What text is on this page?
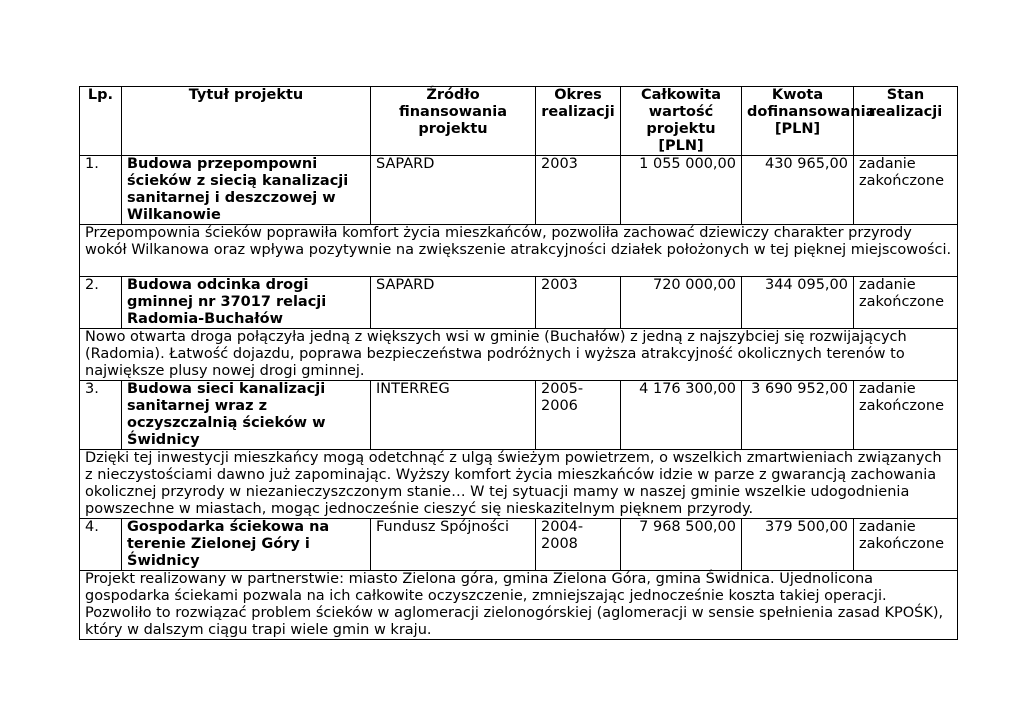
Lp.	Tytuł projektu	Źródło finansowania projektu	Okres realizacji	Całkowita wartość projektu [PLN]	Kwota dofinansowania [PLN]	Stan realizacji
1.	Budowa przepompowni ścieków z siecią kanalizacji sanitarnej i deszczowej w Wilkanowie	SAPARD	2003	1 055 000,00	430 965,00	zadanie zakończone
Przepompownia ścieków poprawiła komfort życia mieszkańców, pozwoliła zachować dziewiczy charakter przyrody wokół Wilkanowa oraz wpływa pozytywnie na zwiększenie atrakcyjności działek położonych w tej pięknej miejscowości.						
2.	Budowa odcinka drogi gminnej nr 37017 relacji Radomia-Buchałów	SAPARD	2003	720 000,00	344 095,00	zadanie zakończone
Nowo otwarta droga połączyła jedną z większych wsi w gminie (Buchałów) z jedną z najszybciej się rozwijających (Radomia). Łatwość dojazdu, poprawa bezpieczeństwa podróżnych i wyższa atrakcyjność okolicznych terenów to największe plusy nowej drogi gminnej.						
3.	Budowa sieci kanalizacji sanitarnej wraz z oczyszczalnią ścieków w Świdnicy	INTERREG	2005-2006	4 176 300,00	3 690 952,00	zadanie zakończone
Dzięki tej inwestycji mieszkańcy mogą odetchnąć z ulgą świeżym powietrzem, o wszelkich zmartwieniach związanych z nieczystościami dawno już zapominając. Wyższy komfort życia mieszkańców idzie w parze z gwarancją zachowania okolicznej przyrody w niezanieczyszczonym stanie… W tej sytuacji mamy w naszej gminie wszelkie udogodnienia powszechne w miastach, mogąc jednocześnie cieszyć się nieskazitelnym pięknem przyrody.						
4.	Gospodarka ściekowa na terenie Zielonej Góry i Świdnicy	Fundusz Spójności	2004-2008	7 968 500,00	379 500,00	zadanie zakończone
Projekt realizowany w partnerstwie: miasto Zielona góra, gmina Zielona Góra, gmina Świdnica. Ujednolicona gospodarka ściekami pozwala na ich całkowite oczyszczenie, zmniejszając jednocześnie koszta takiej operacji. Pozwoliło to rozwiązać problem ścieków w aglomeracji zielonogórskiej (aglomeracji w sensie spełnienia zasad KPOŚK), który w dalszym ciągu trapi wiele gmin w kraju.						
